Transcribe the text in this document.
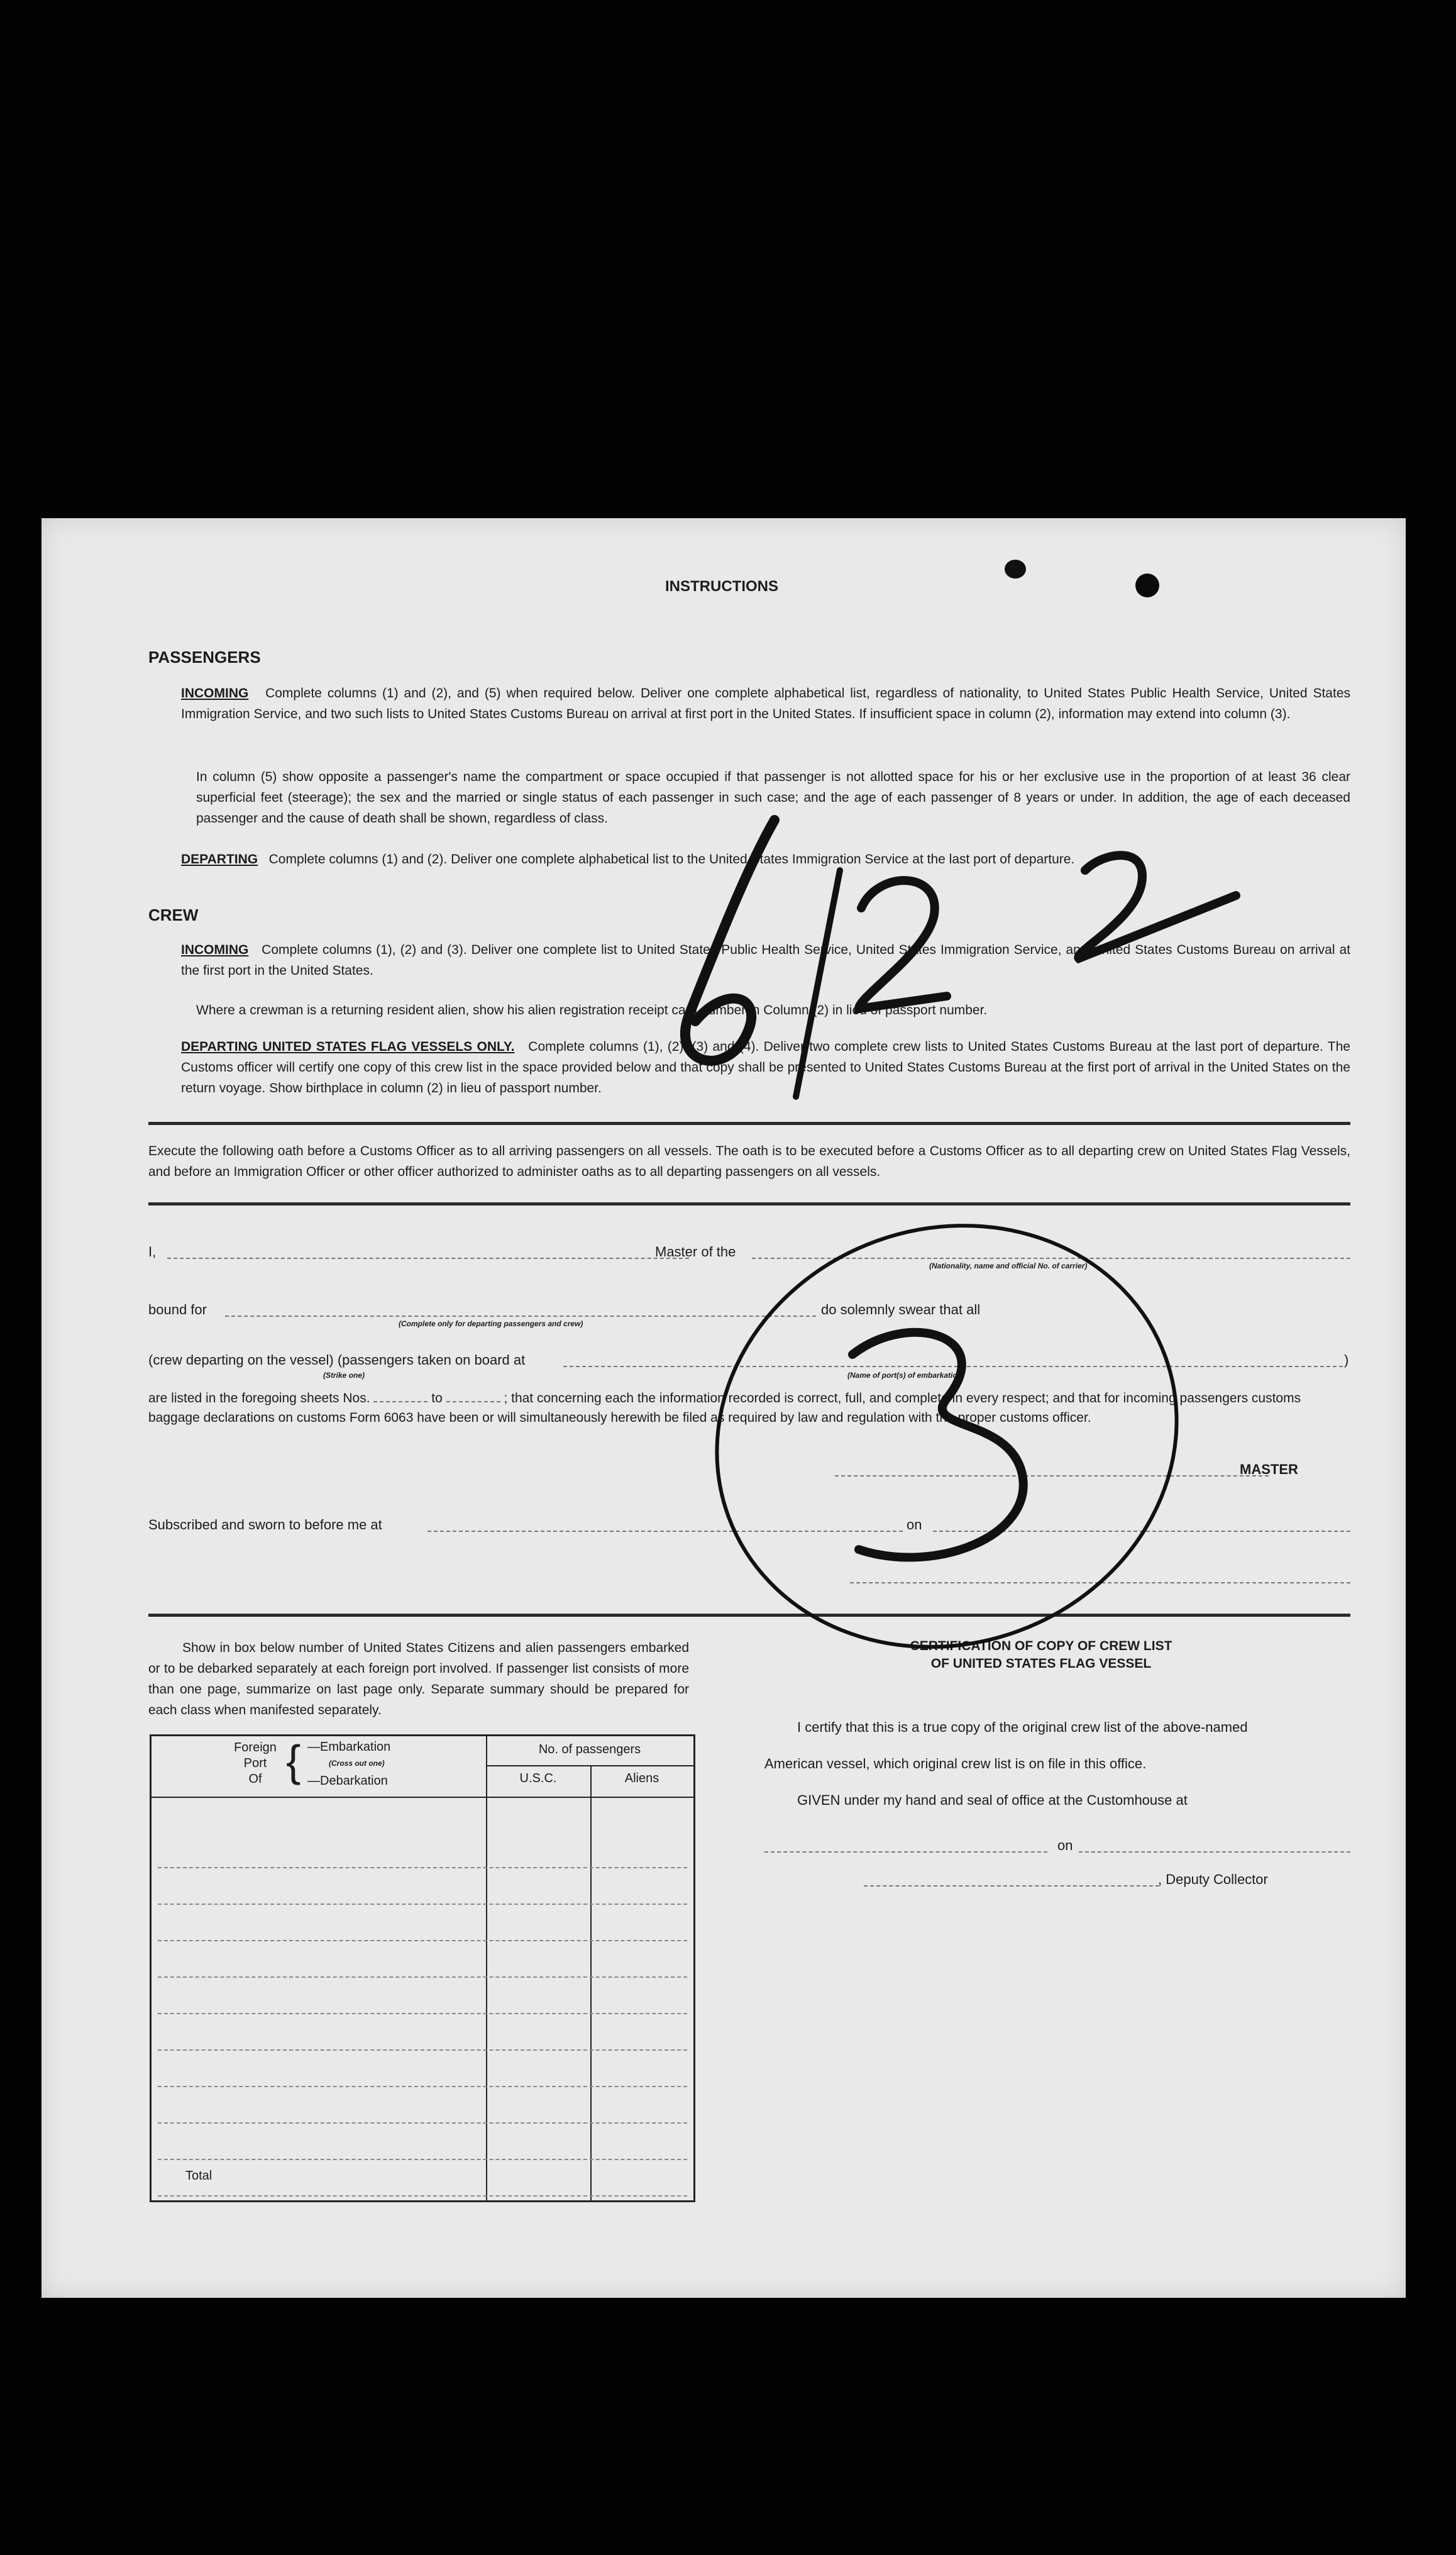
INSTRUCTIONS
PASSENGERS
INCOMING Complete columns (1) and (2), and (5) when required below. Deliver one complete alphabetical list, regardless of nationality, to United States Public Health Service, United States Immigration Service, and two such lists to United States Customs Bureau on arrival at first port in the United States. If insufficient space in column (2), information may extend into column (3).
In column (5) show opposite a passenger's name the compartment or space occupied if that passenger is not allotted space for his or her exclusive use in the proportion of at least 36 clear superficial feet (steerage); the sex and the married or single status of each passenger in such case; and the age of each passenger of 8 years or under. In addition, the age of each deceased passenger and the cause of death shall be shown, regardless of class.
DEPARTING Complete columns (1) and (2). Deliver one complete alphabetical list to the United States Immigration Service at the last port of departure.
CREW
INCOMING Complete columns (1), (2) and (3). Deliver one complete list to United States Public Health Service, United States Immigration Service, and United States Customs Bureau on arrival at the first port in the United States.
Where a crewman is a returning resident alien, show his alien registration receipt card number in Column (2) in lieu of passport number.
DEPARTING UNITED STATES FLAG VESSELS ONLY. Complete columns (1), (2), (3) and (4). Deliver two complete crew lists to United States Customs Bureau at the last port of departure. The Customs officer will certify one copy of this crew list in the space provided below and that copy shall be presented to United States Customs Bureau at the first port of arrival in the United States on the return voyage. Show birthplace in column (2) in lieu of passport number.
Execute the following oath before a Customs Officer as to all arriving passengers on all vessels. The oath is to be executed before a Customs Officer as to all departing crew on United States Flag Vessels, and before an Immigration Officer or other officer authorized to administer oaths as to all departing passengers on all vessels.
I,	Master of the
(Nationality, name and official No. of carrier)
bound for
(Complete only for departing passengers and crew)
do solemnly swear that all
(crew departing on the vessel) (passengers taken on board at	)
(Strike one)	(Name of port(s) of embarkation)
are listed in the foregoing sheets Nos.	to	; that concerning each the information recorded is correct, full, and complete in every respect; and that for incoming passengers customs baggage declarations on customs Form 6063 have been or will simultaneously herewith be filed as required by law and regulation with the proper customs officer.
MASTER
Subscribed and sworn to before me at	on
Show in box below number of United States Citizens and alien passengers embarked or to be debarked separately at each foreign port involved. If passenger list consists of more than one page, summarize on last page only. Separate summary should be prepared for each class when manifested separately.
Foreign
Port
Of { —Embarkation
(Cross out one)
—Debarkation
No. of passengers
U.S.C.	Aliens
Total
CERTIFICATION OF COPY OF CREW LIST
OF UNITED STATES FLAG VESSEL
I certify that this is a true copy of the original crew list of the above-named
American vessel, which original crew list is on file in this office.
GIVEN under my hand and seal of office at the Customhouse at
on
, Deputy Collector
